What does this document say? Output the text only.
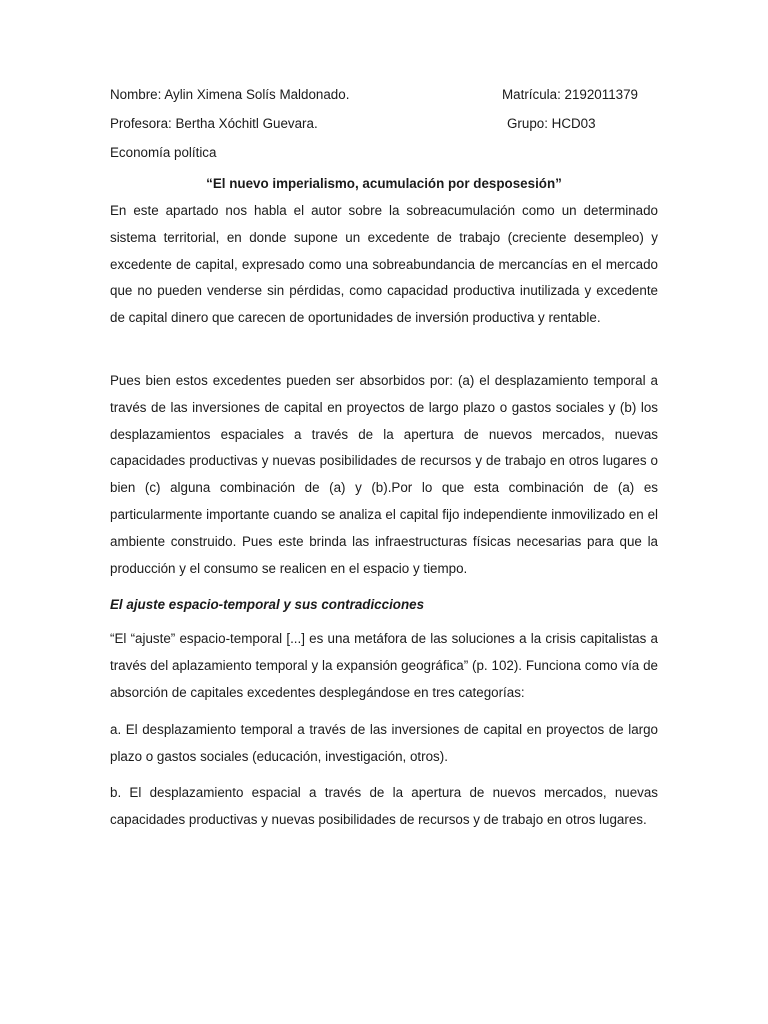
Nombre: Aylin Ximena Solís Maldonado.	Matrícula: 2192011379
Profesora: Bertha Xóchitl Guevara.	Grupo: HCD03
Economía política
“El nuevo imperialismo, acumulación por desposesión”

En este apartado nos habla el autor sobre la sobreacumulación como un determinado sistema territorial, en donde supone un excedente de trabajo (creciente desempleo) y excedente de capital, expresado como una sobreabundancia de mercancías en el mercado que no pueden venderse sin pérdidas, como capacidad productiva inutilizada y excedente de capital dinero que carecen de oportunidades de inversión productiva y rentable.

Pues bien estos excedentes pueden ser absorbidos por: (a) el desplazamiento temporal a través de las inversiones de capital en proyectos de largo plazo o gastos sociales y (b) los desplazamientos espaciales a través de la apertura de nuevos mercados, nuevas capacidades productivas y nuevas posibilidades de recursos y de trabajo en otros lugares o bien (c) alguna combinación de (a) y (b).Por lo que esta combinación de (a) es particularmente importante cuando se analiza el capital fijo independiente inmovilizado en el ambiente construido. Pues este brinda las infraestructuras físicas necesarias para que la producción y el consumo se realicen en el espacio y tiempo.

El ajuste espacio-temporal y sus contradicciones

“El “ajuste” espacio-temporal [...] es una metáfora de las soluciones a la crisis capitalistas a través del aplazamiento temporal y la expansión geográfica” (p. 102). Funciona como vía de absorción de capitales excedentes desplegándose en tres categorías:

a. El desplazamiento temporal a través de las inversiones de capital en proyectos de largo plazo o gastos sociales (educación, investigación, otros).

b. El desplazamiento espacial a través de la apertura de nuevos mercados, nuevas capacidades productivas y nuevas posibilidades de recursos y de trabajo en otros lugares.
